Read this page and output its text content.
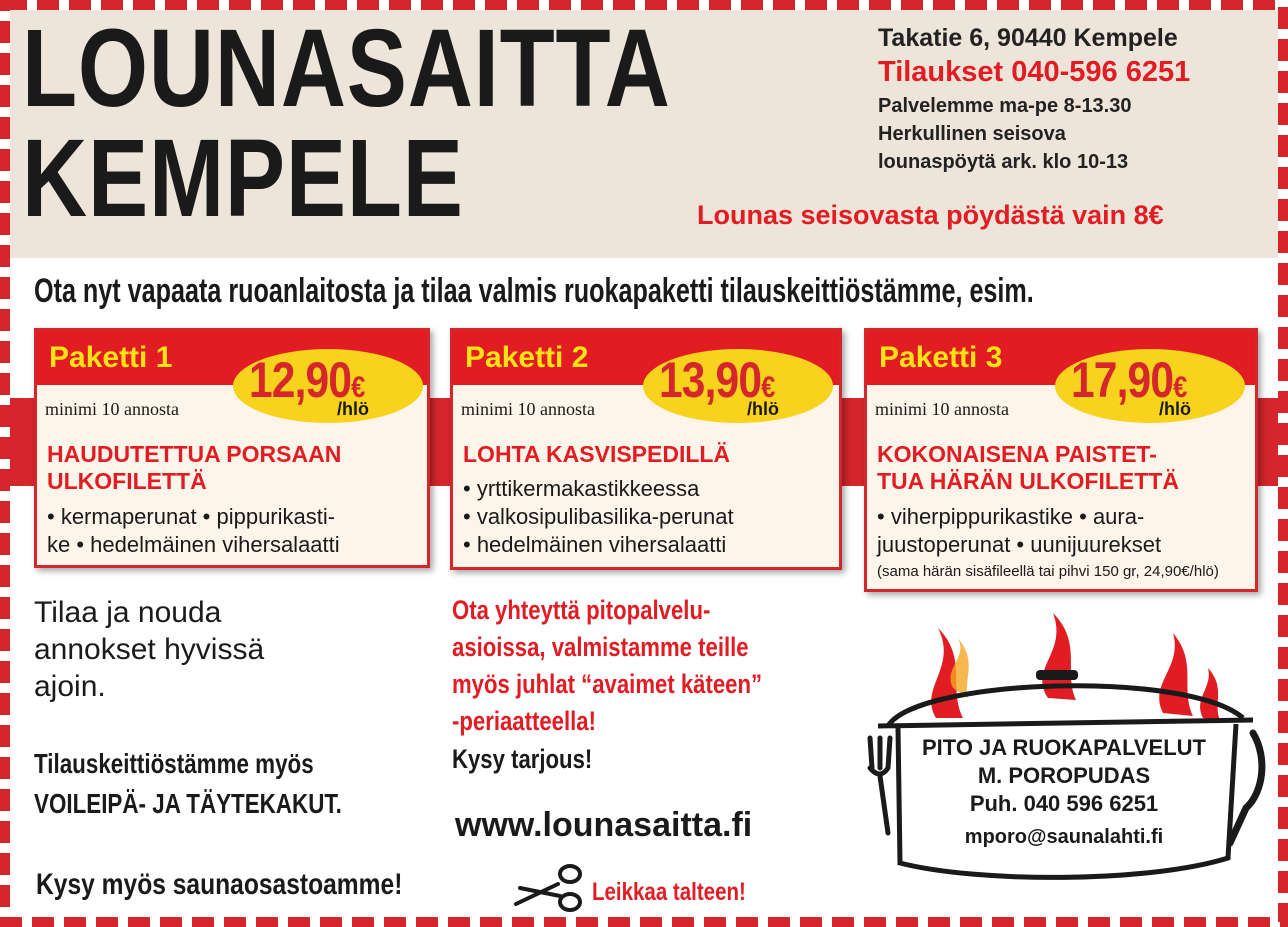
LOUNASAITTA
KEMPELE
Takatie 6, 90440 Kempele
Tilaukset 040-596 6251
Palvelemme ma-pe 8-13.30
Herkullinen seisova
lounaspöytä ark. klo 10-13
Lounas seisovasta pöydästä vain 8€
Ota nyt vapaata ruoanlaitosta ja tilaa valmis ruokapaketti tilauskeittiöstämme, esim.
Paketti 1 12,90€
/hlö
minimi 10 annosta
HAUDUTETTUA PORSAAN
ULKOFILETTÄ
• kermaperunat • pippurikasti-
ke • hedelmäinen vihersalaatti
Paketti 2 13,90€
/hlö
minimi 10 annosta
LOHTA KASVISPEDILLÄ
• yrttikermakastikkeessa
• valkosipulibasilika-perunat
• hedelmäinen vihersalaatti
Paketti 3 17,90€
/hlö
minimi 10 annosta
KOKONAISENA PAISTET-
TUA HÄRÄN ULKOFILETTÄ
• viherpippurikastike • aura-
juustoperunat • uunijuurekset
(sama härän sisäfileellä tai pihvi 150 gr, 24,90€/hlö)
Tilaa ja nouda
annokset hyvissä
ajoin.
Tilauskeittiöstämme myös
VOILEIPÄ- JA TÄYTEKAKUT.
Kysy myös saunaosastoamme!
Ota yhteyttä pitopalvelu-
asioissa, valmistamme teille
myös juhlat “avaimet käteen”
-periaatteella!
Kysy tarjous!
www.lounasaitta.fi
Leikkaa talteen!
PITO JA RUOKAPALVELUT
M. POROPUDAS
Puh. 040 596 6251
mporo@saunalahti.fi
